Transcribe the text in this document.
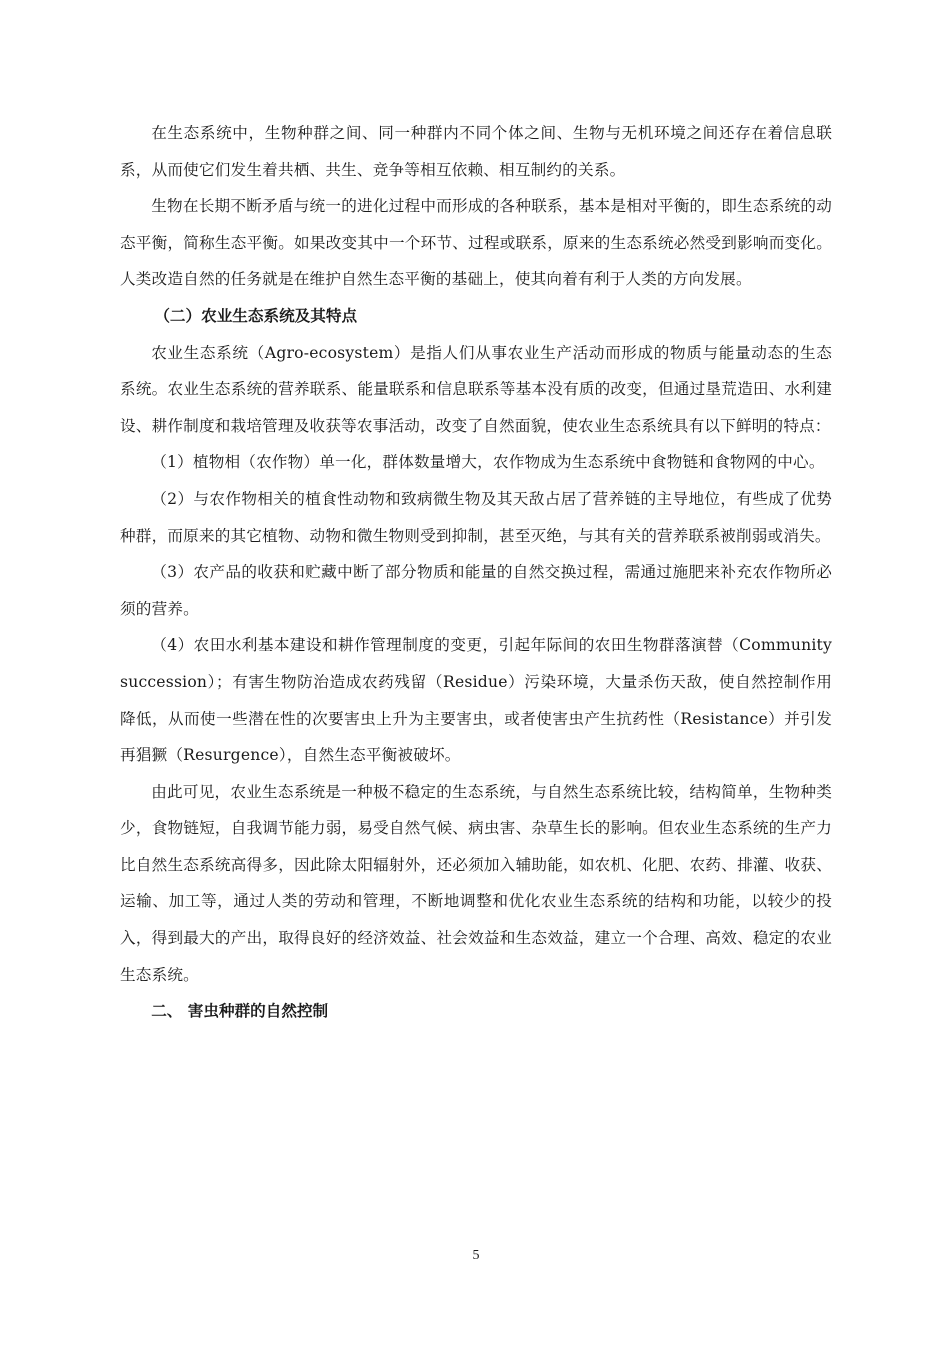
在生态系统中，生物种群之间、同一种群内不同个体之间、生物与无机环境之间还存在着信息联系，从而使它们发生着共栖、共生、竞争等相互依赖、相互制约的关系。

生物在长期不断矛盾与统一的进化过程中而形成的各种联系，基本是相对平衡的，即生态系统的动态平衡，简称生态平衡。如果改变其中一个环节、过程或联系，原来的生态系统必然受到影响而变化。人类改造自然的任务就是在维护自然生态平衡的基础上，使其向着有利于人类的方向发展。

（二）农业生态系统及其特点

农业生态系统（Agro-ecosystem）是指人们从事农业生产活动而形成的物质与能量动态的生态系统。农业生态系统的营养联系、能量联系和信息联系等基本没有质的改变，但通过垦荒造田、水利建设、耕作制度和栽培管理及收获等农事活动，改变了自然面貌，使农业生态系统具有以下鲜明的特点：

（1）植物相（农作物）单一化，群体数量增大，农作物成为生态系统中食物链和食物网的中心。

（2）与农作物相关的植食性动物和致病微生物及其天敌占居了营养链的主导地位，有些成了优势种群，而原来的其它植物、动物和微生物则受到抑制，甚至灭绝，与其有关的营养联系被削弱或消失。

（3）农产品的收获和贮藏中断了部分物质和能量的自然交换过程，需通过施肥来补充农作物所必须的营养。

（4）农田水利基本建设和耕作管理制度的变更，引起年际间的农田生物群落演替（Community succession）；有害生物防治造成农药残留（Residue）污染环境，大量杀伤天敌，使自然控制作用降低，从而使一些潜在性的次要害虫上升为主要害虫，或者使害虫产生抗药性（Resistance）并引发再猖獗（Resurgence），自然生态平衡被破坏。

由此可见，农业生态系统是一种极不稳定的生态系统，与自然生态系统比较，结构简单，生物种类少，食物链短，自我调节能力弱，易受自然气候、病虫害、杂草生长的影响。但农业生态系统的生产力比自然生态系统高得多，因此除太阳辐射外，还必须加入辅助能，如农机、化肥、农药、排灌、收获、运输、加工等，通过人类的劳动和管理，不断地调整和优化农业生态系统的结构和功能，以较少的投入，得到最大的产出，取得良好的经济效益、社会效益和生态效益，建立一个合理、高效、稳定的农业生态系统。

二、 害虫种群的自然控制

5
